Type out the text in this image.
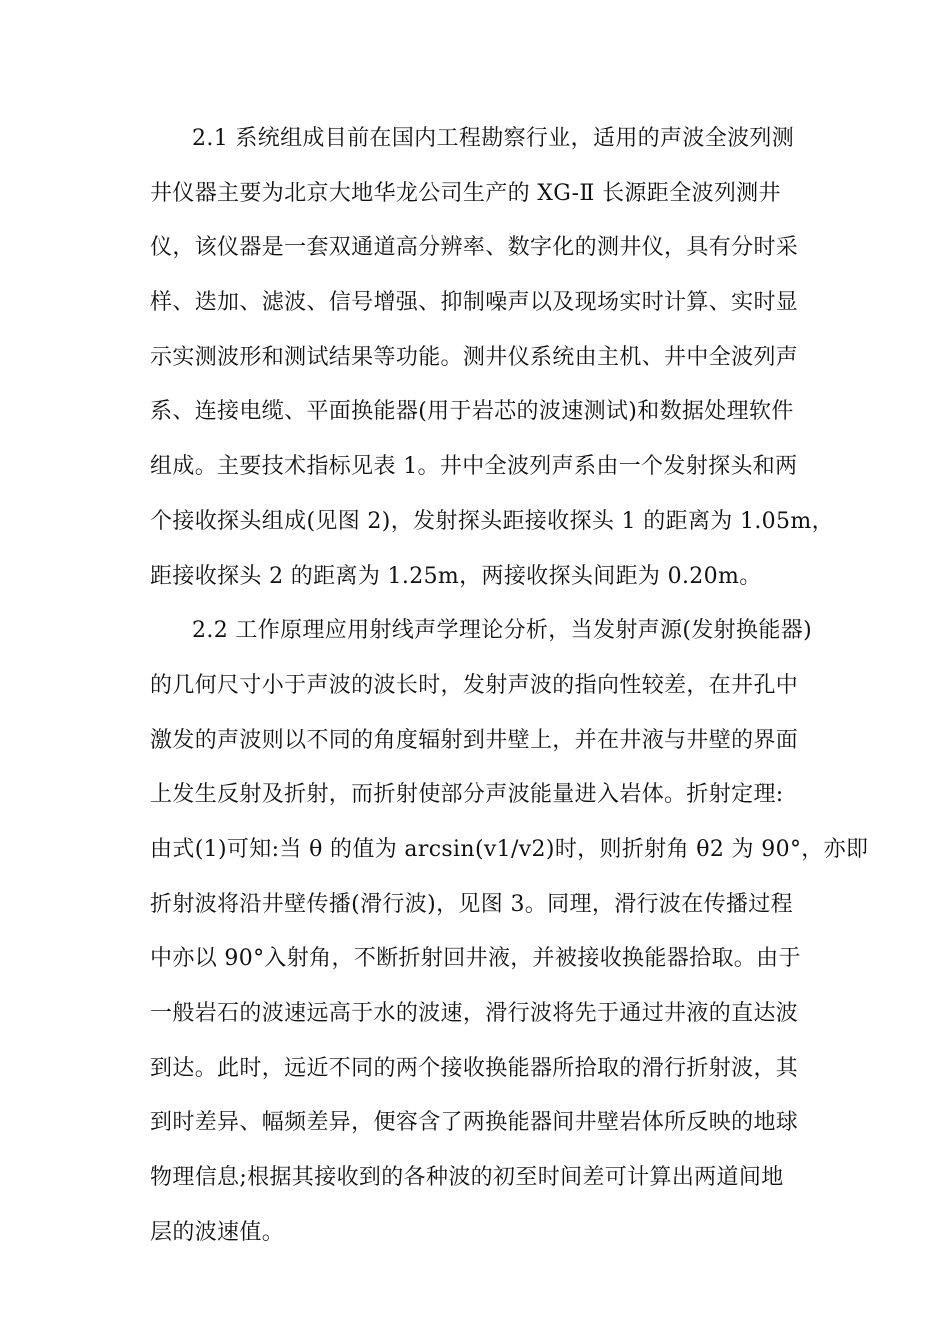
2.1 系统组成目前在国内工程勘察行业，适用的声波全波列测
井仪器主要为北京大地华龙公司生产的 XG-Ⅱ 长源距全波列测井
仪，该仪器是一套双通道高分辨率、数字化的测井仪，具有分时采
样、迭加、滤波、信号增强、抑制噪声以及现场实时计算、实时显
示实测波形和测试结果等功能。测井仪系统由主机、井中全波列声
系、连接电缆、平面换能器(用于岩芯的波速测试)和数据处理软件
组成。主要技术指标见表 1。井中全波列声系由一个发射探头和两
个接收探头组成(见图 2)，发射探头距接收探头 1 的距离为 1.05m，
距接收探头 2 的距离为 1.25m，两接收探头间距为 0.20m。
2.2 工作原理应用射线声学理论分析，当发射声源(发射换能器)
的几何尺寸小于声波的波长时，发射声波的指向性较差，在井孔中
激发的声波则以不同的角度辐射到井壁上，并在井液与井壁的界面
上发生反射及折射，而折射使部分声波能量进入岩体。折射定理:
由式(1)可知:当 θ 的值为 arcsin(v1/v2)时，则折射角 θ2 为 90°，亦即
折射波将沿井壁传播(滑行波)，见图 3。同理，滑行波在传播过程
中亦以 90°入射角，不断折射回井液，并被接收换能器拾取。由于
一般岩石的波速远高于水的波速，滑行波将先于通过井液的直达波
到达。此时，远近不同的两个接收换能器所拾取的滑行折射波，其
到时差异、幅频差异，便容含了两换能器间井壁岩体所反映的地球
物理信息;根据其接收到的各种波的初至时间差可计算出两道间地
层的波速值。
